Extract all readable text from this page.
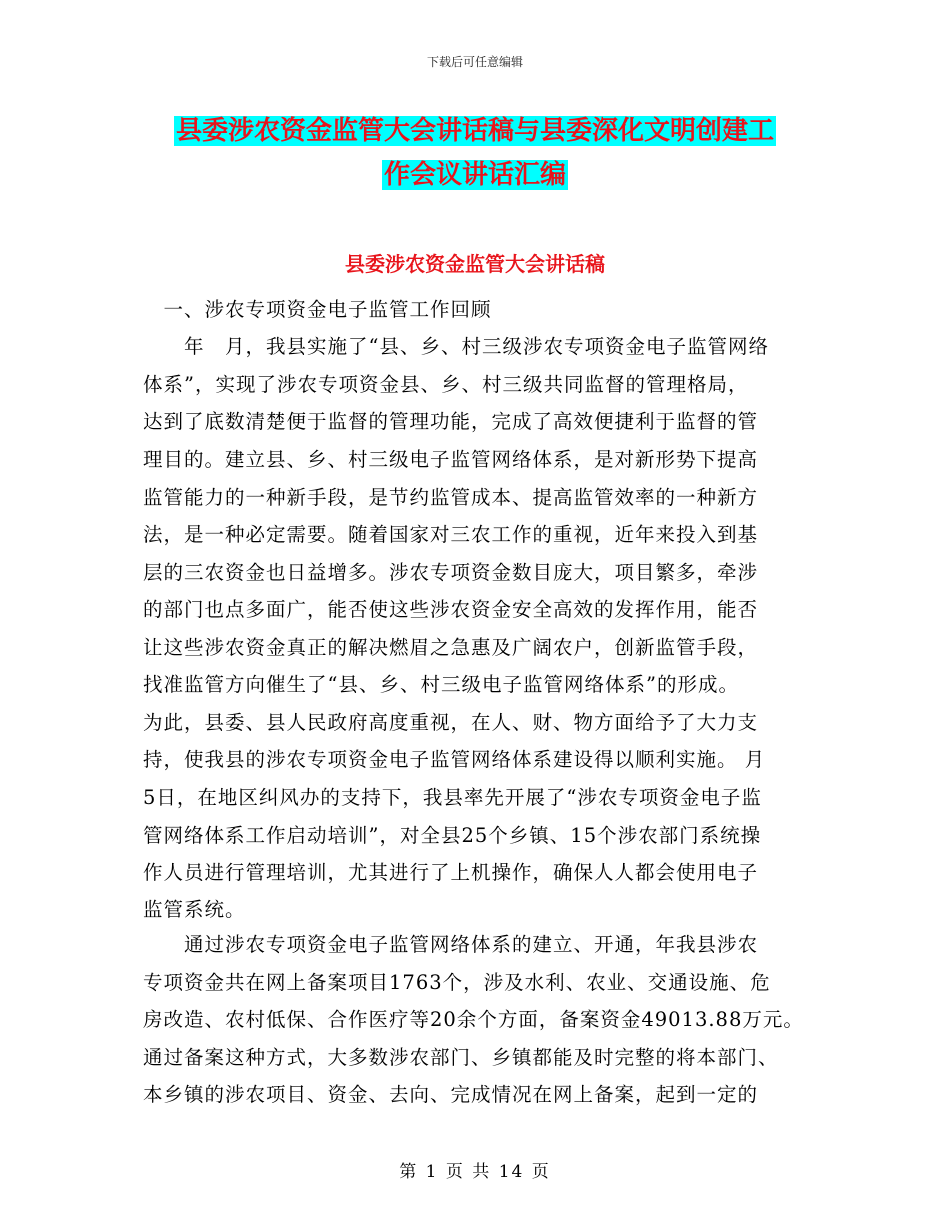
下载后可任意编辑
县委涉农资金监管大会讲话稿与县委深化文明创建工
作会议讲话汇编
县委涉农资金监管大会讲话稿
　一、涉农专项资金电子监管工作回顾
　　年　月，我县实施了“县、乡、村三级涉农专项资金电子监管网络
体系”，实现了涉农专项资金县、乡、村三级共同监督的管理格局，
达到了底数清楚便于监督的管理功能，完成了高效便捷利于监督的管
理目的。建立县、乡、村三级电子监管网络体系，是对新形势下提高
监管能力的一种新手段，是节约监管成本、提高监管效率的一种新方
法，是一种必定需要。随着国家对三农工作的重视，近年来投入到基
层的三农资金也日益增多。涉农专项资金数目庞大，项目繁多，牵涉
的部门也点多面广，能否使这些涉农资金安全高效的发挥作用，能否
让这些涉农资金真正的解决燃眉之急惠及广阔农户，创新监管手段，
找准监管方向催生了“县、乡、村三级电子监管网络体系”的形成。
为此，县委、县人民政府高度重视，在人、财、物方面给予了大力支
持，使我县的涉农专项资金电子监管网络体系建设得以顺利实施。 月
5日，在地区纠风办的支持下，我县率先开展了“涉农专项资金电子监
管网络体系工作启动培训”，对全县25个乡镇、15个涉农部门系统操
作人员进行管理培训，尤其进行了上机操作，确保人人都会使用电子
监管系统。
　　通过涉农专项资金电子监管网络体系的建立、开通，年我县涉农
专项资金共在网上备案项目1763个，涉及水利、农业、交通设施、危
房改造、农村低保、合作医疗等20余个方面，备案资金49013.88万元。
通过备案这种方式，大多数涉农部门、乡镇都能及时完整的将本部门、
本乡镇的涉农项目、资金、去向、完成情况在网上备案，起到一定的
第 1 页 共 14 页
